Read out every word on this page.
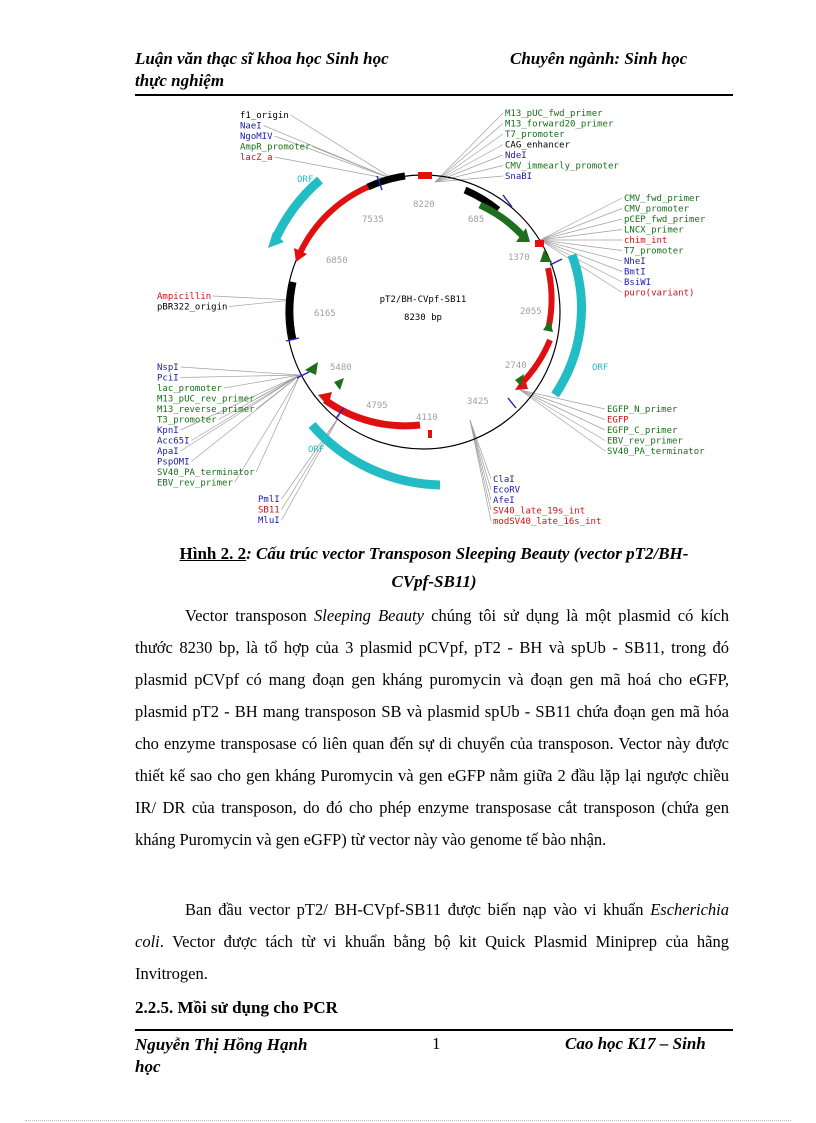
Luận văn thạc sĩ khoa học Sinh học
thực nghiệm
Chuyên ngành: Sinh học
8220
685
1370
2055
2740
3425
4110
4795
5480
6165
6850
7535
ORF
ORF
ORF
pT2/BH-CVpf-SB11
8230 bp
f1_origin
NaeI
NgoMIV
AmpR_promoter
lacZ_a
M13_pUC_fwd_primer
M13_forward20_primer
T7_promoter
CAG_enhancer
NdeI
CMV_immearly_promoter
SnaBI
CMV_fwd_primer
CMV_promoter
pCEP_fwd_primer
LNCX_primer
chim_int
T7_promoter
NheI
BmtI
BsiWI
puro(variant)
Ampicillin
pBR322_origin
NspI
PciI
lac_promoter
M13_pUC_rev_primer
M13_reverse_primer
T3_promoter
KpnI
Acc65I
ApaI
PspOMI
SV40_PA_terminator
EBV_rev_primer
EGFP_N_primer
EGFP
EGFP_C_primer
EBV_rev_primer
SV40_PA_terminator
PmlI
SB11
MluI
ClaI
EcoRV
AfeI
SV40_late_19s_int
modSV40_late_16s_int
Hình 2. 2: Cấu trúc vector Transposon Sleeping Beauty (vector pT2/BH-
CVpf-SB11)

Vector transposon Sleeping Beauty chúng tôi sử dụng là một plasmid có kích thước 8230 bp, là tổ hợp của 3 plasmid pCVpf, pT2 - BH và spUb - SB11, trong đó plasmid pCVpf có mang đoạn gen kháng puromycin và đoạn gen mã hoá cho eGFP, plasmid pT2 - BH mang transposon SB và plasmid spUb - SB11 chứa đoạn gen mã hóa cho enzyme transposase có liên quan đến sự di chuyển của transposon. Vector này được thiết kế sao cho gen kháng Puromycin và gen eGFP nằm giữa 2 đầu lặp lại ngược chiều IR/ DR của transposon, do đó cho phép enzyme transposase cắt transposon (chứa gen kháng Puromycin và gen eGFP) từ vector này vào genome tế bào nhận.

Ban đầu vector pT2/ BH-CVpf-SB11 được biến nạp vào vi khuẩn Escherichia coli. Vector được tách từ vi khuẩn bằng bộ kit Quick Plasmid Miniprep của hãng Invitrogen.

2.2.5. Mồi sử dụng cho PCR
Nguyễn Thị Hồng Hạnh
học
1	Cao học K17 – Sinh
